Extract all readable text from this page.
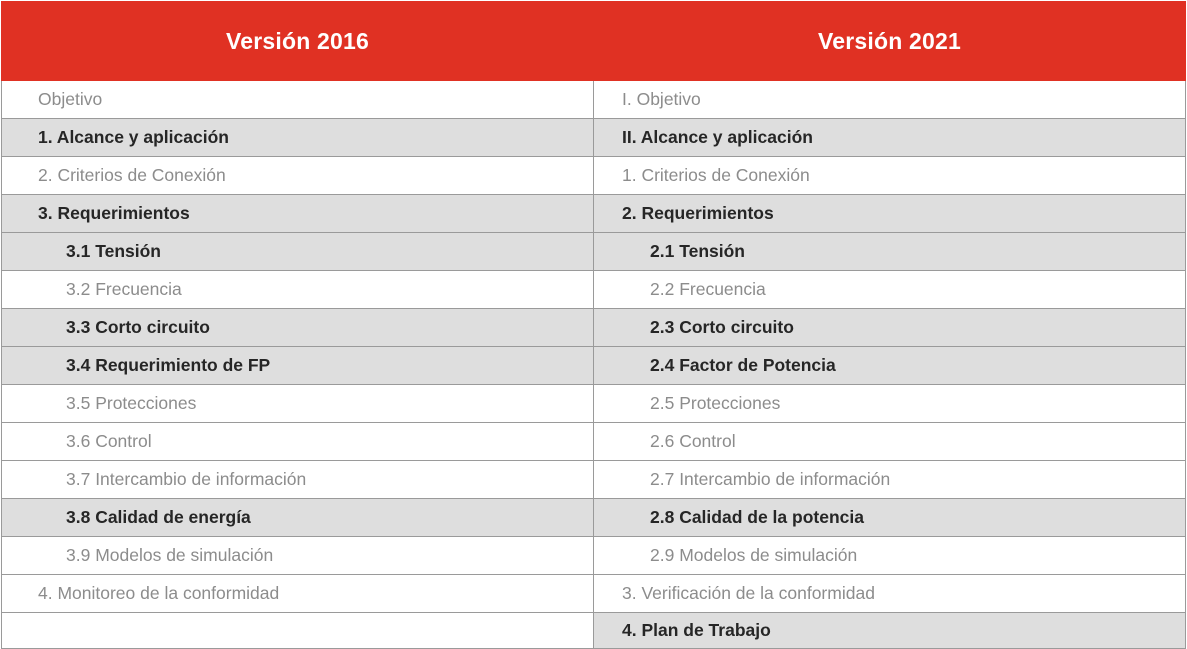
Versión 2016	Versión 2021
Objetivo	I. Objetivo
1. Alcance y aplicación	II. Alcance y aplicación
2. Criterios de Conexión	1. Criterios de Conexión
3. Requerimientos	2. Requerimientos
3.1 Tensión	2.1 Tensión
3.2 Frecuencia	2.2 Frecuencia
3.3 Corto circuito	2.3 Corto circuito
3.4 Requerimiento de FP	2.4 Factor de Potencia
3.5 Protecciones	2.5 Protecciones
3.6 Control	2.6 Control
3.7 Intercambio de información	2.7 Intercambio de información
3.8 Calidad de energía	2.8 Calidad de la potencia
3.9 Modelos de simulación	2.9 Modelos de simulación
4. Monitoreo de la conformidad	3. Verificación de la conformidad
	4. Plan de Trabajo
